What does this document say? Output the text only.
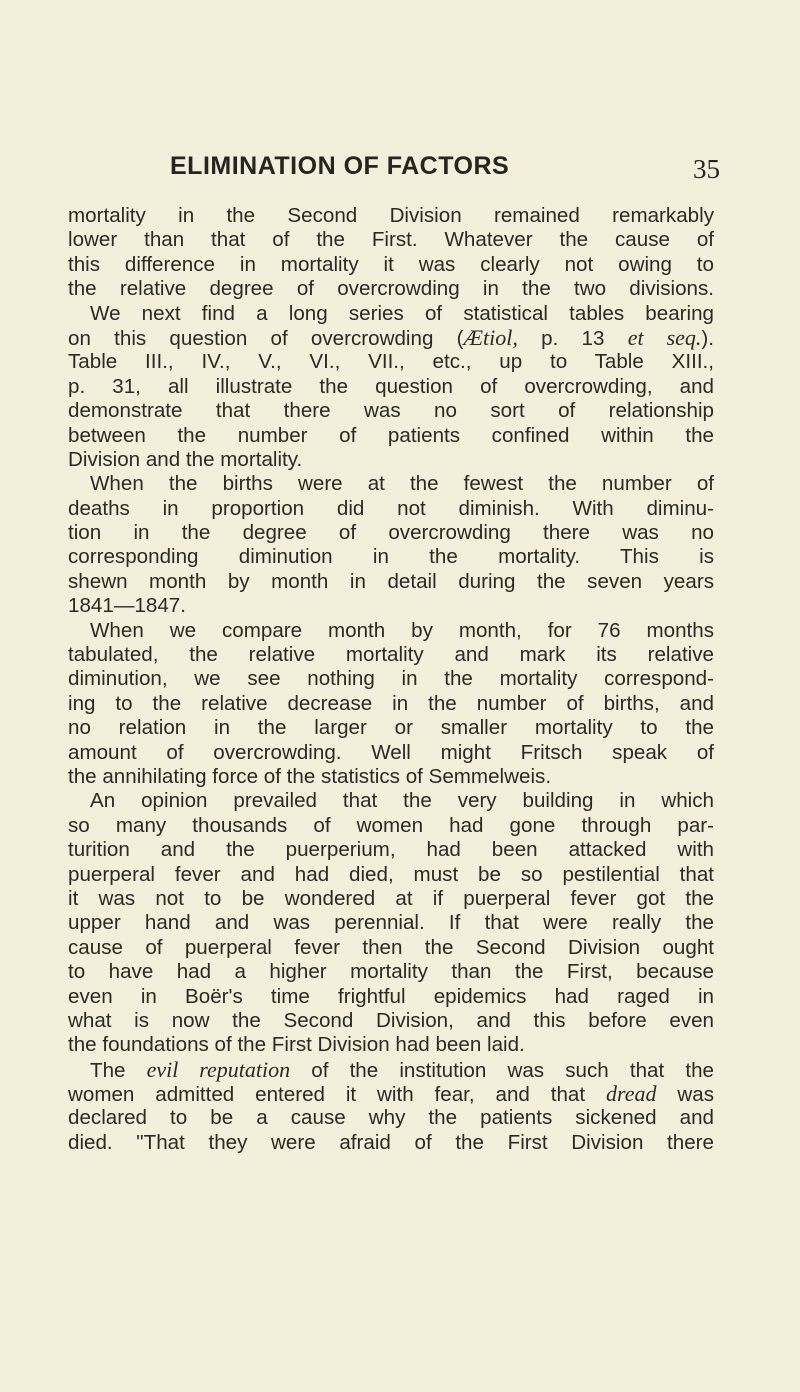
ELIMINATION OF FACTORS	35
mortality in the Second Division remained remarkably
lower than that of the First. Whatever the cause of
this difference in mortality it was clearly not owing to
the relative degree of overcrowding in the two divisions.
We next find a long series of statistical tables bearing
on this question of overcrowding (Ætiol, p. 13 et seq.).
Table III., IV., V., VI., VII., etc., up to Table XIII.,
p. 31, all illustrate the question of overcrowding, and
demonstrate that there was no sort of relationship
between the number of patients confined within the
Division and the mortality.
When the births were at the fewest the number of
deaths in proportion did not diminish. With diminu-
tion in the degree of overcrowding there was no
corresponding diminution in the mortality. This is
shewn month by month in detail during the seven years
1841—1847.
When we compare month by month, for 76 months
tabulated, the relative mortality and mark its relative
diminution, we see nothing in the mortality correspond-
ing to the relative decrease in the number of births, and
no relation in the larger or smaller mortality to the
amount of overcrowding. Well might Fritsch speak of
the annihilating force of the statistics of Semmelweis.
An opinion prevailed that the very building in which
so many thousands of women had gone through par-
turition and the puerperium, had been attacked with
puerperal fever and had died, must be so pestilential that
it was not to be wondered at if puerperal fever got the
upper hand and was perennial. If that were really the
cause of puerperal fever then the Second Division ought
to have had a higher mortality than the First, because
even in Boër's time frightful epidemics had raged in
what is now the Second Division, and this before even
the foundations of the First Division had been laid.
The evil reputation of the institution was such that the
women admitted entered it with fear, and that dread was
declared to be a cause why the patients sickened and
died. "That they were afraid of the First Division there
